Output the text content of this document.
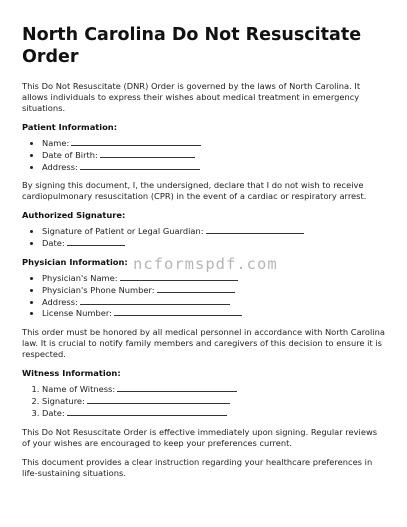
North Carolina Do Not Resuscitate Order

This Do Not Resuscitate (DNR) Order is governed by the laws of North Carolina. It allows individuals to express their wishes about medical treatment in emergency situations.

Patient Information:
• Name:
• Date of Birth:
• Address:

By signing this document, I, the undersigned, declare that I do not wish to receive cardiopulmonary resuscitation (CPR) in the event of a cardiac or respiratory arrest.

Authorized Signature:
• Signature of Patient or Legal Guardian:
• Date:
Physician Information:
• Physician's Name:
• Physician's Phone Number:
• Address:
• License Number:

This order must be honored by all medical personnel in accordance with North Carolina law. It is crucial to notify family members and caregivers of this decision to ensure it is respected.

Witness Information:
1. Name of Witness:
2. Signature:
3. Date:

This Do Not Resuscitate Order is effective immediately upon signing. Regular reviews of your wishes are encouraged to keep your preferences current.

This document provides a clear instruction regarding your healthcare preferences in life-sustaining situations.

ncformspdf.com
